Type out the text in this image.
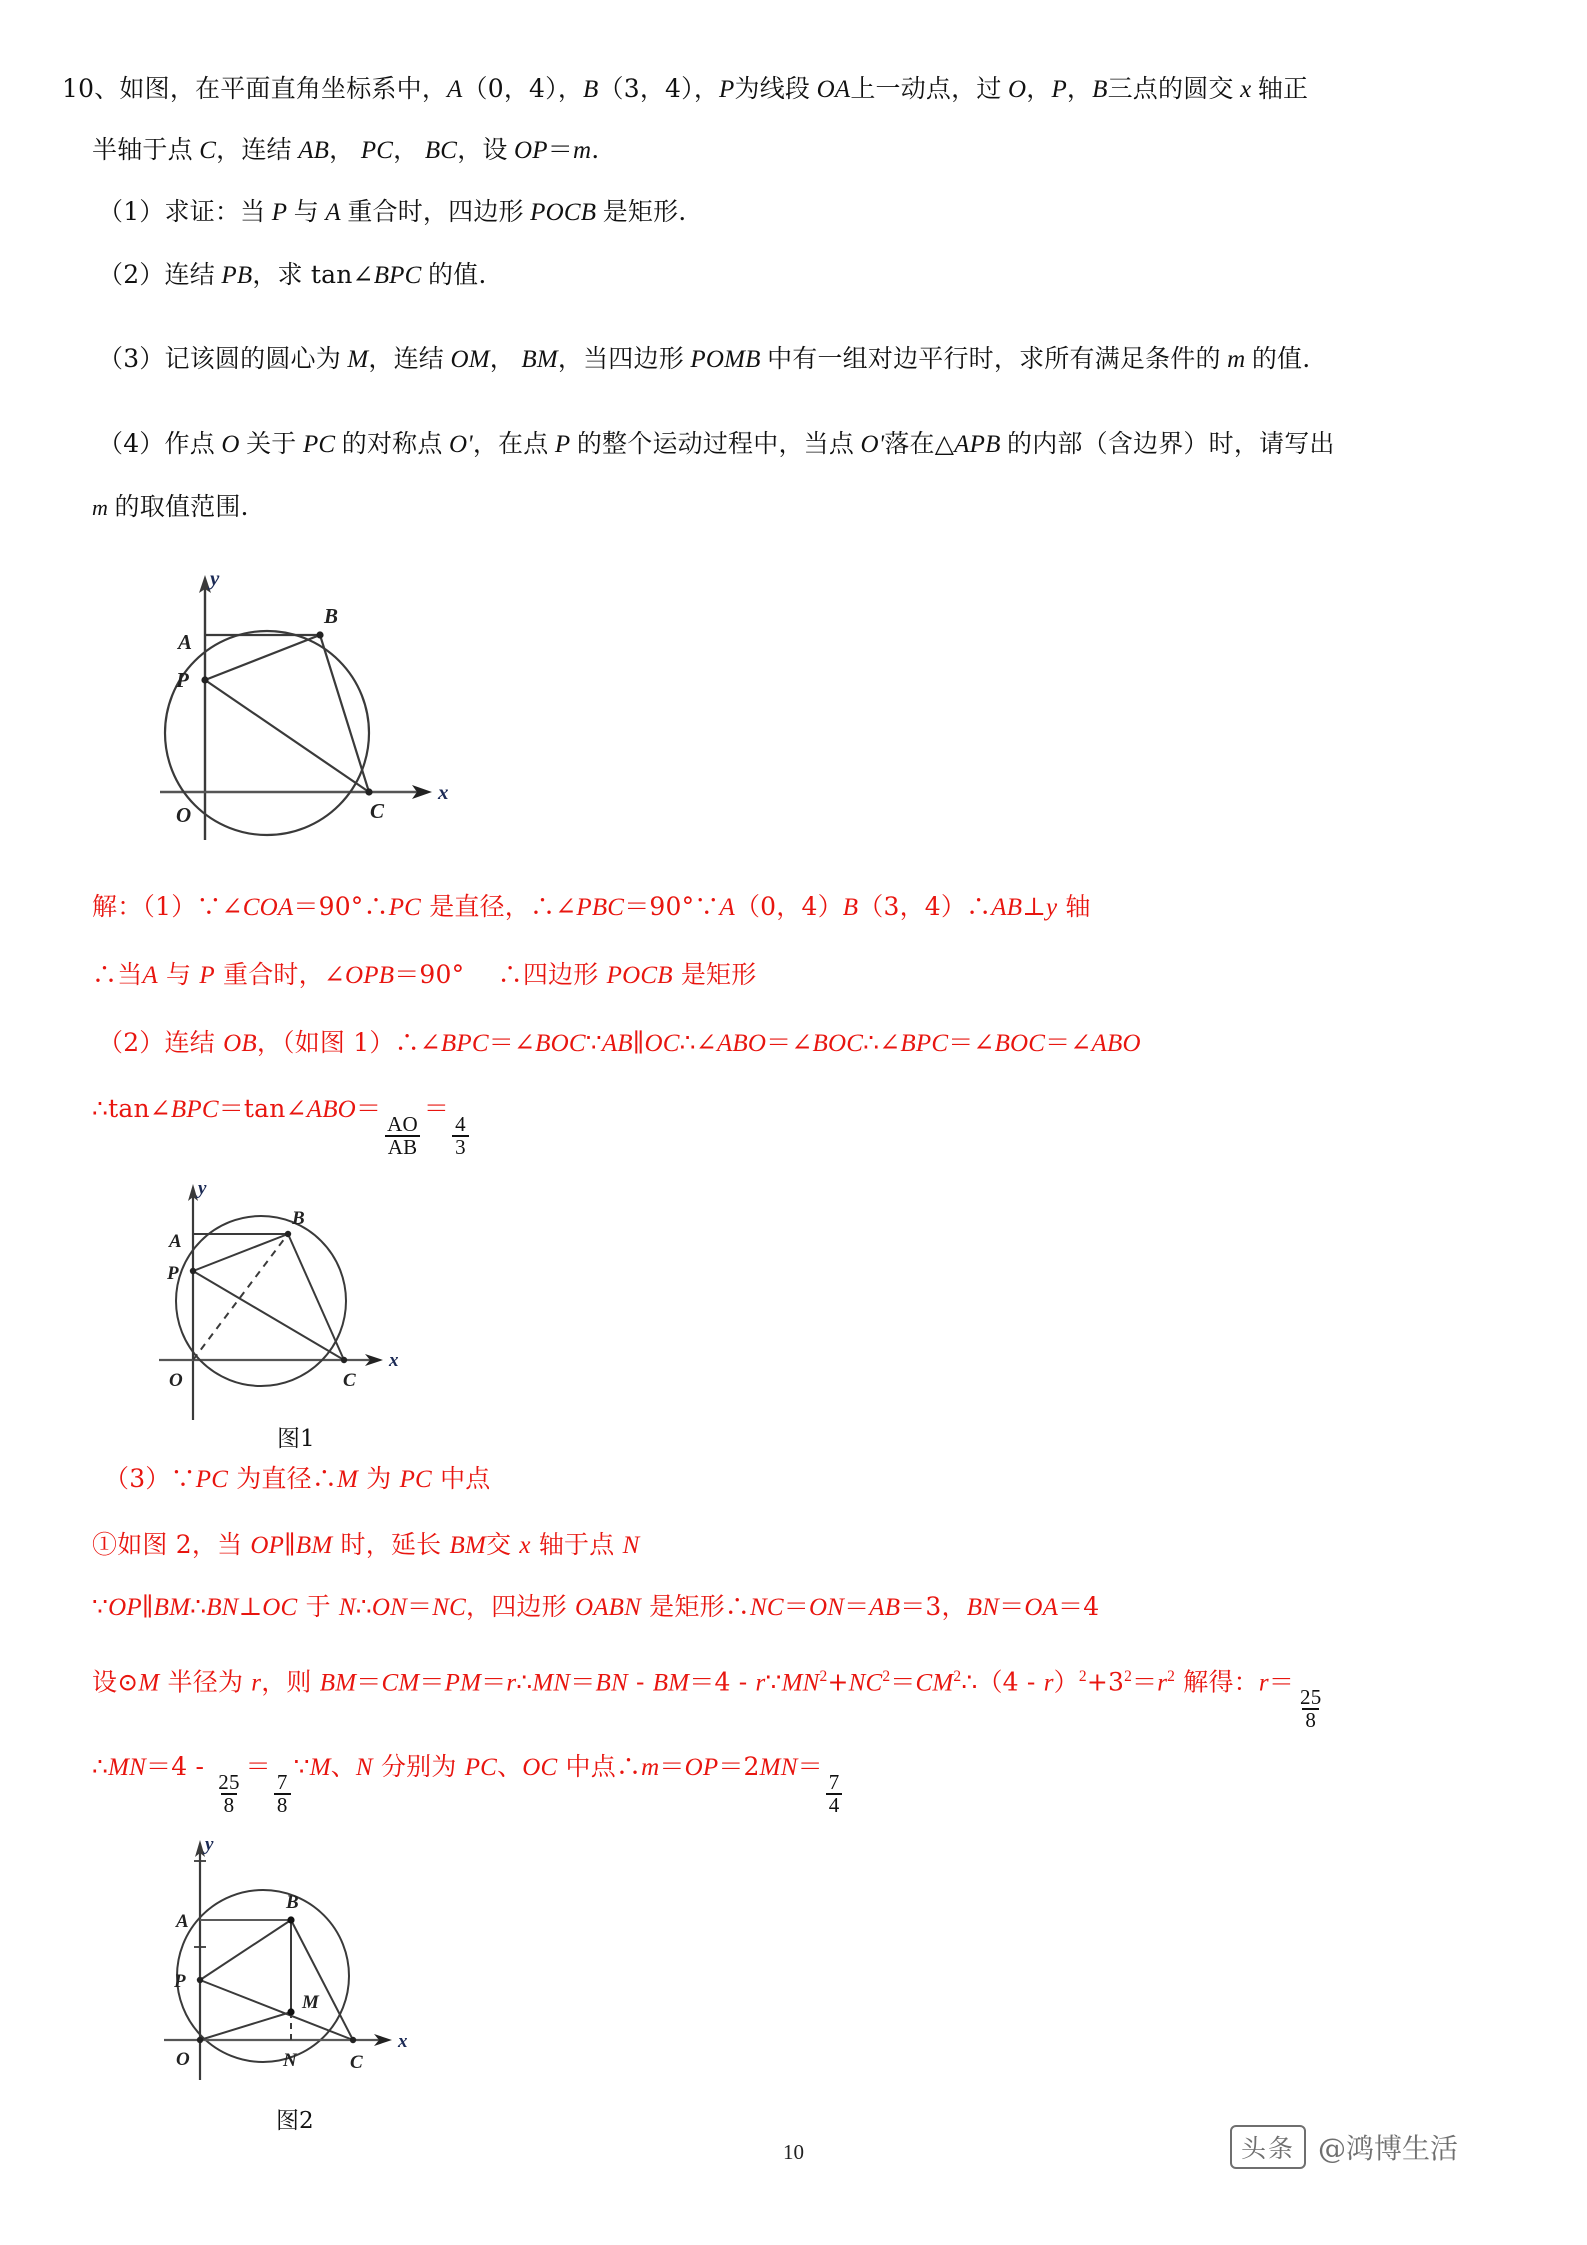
10、如图，在平面直角坐标系中，A（0，4），B（3，4），P为线段 OA上一动点，过 O，P，B三点的圆交 x 轴正
半轴于点 C，连结 AB， PC， BC，设 OP＝m.
（1）求证：当 P 与 A 重合时，四边形 POCB 是矩形.
（2）连结 PB，求 tan∠BPC 的值.
（3）记该圆的圆心为 M，连结 OM， BM，当四边形 POMB 中有一组对边平行时，求所有满足条件的 m 的值.
（4）作点 O 关于 PC 的对称点 O'，在点 P 的整个运动过程中，当点 O'落在△APB 的内部（含边界）时，请写出
m 的取值范围.
A
P
B
O	C
x
y
解：（1）∵∠COA＝90°∴PC 是直径，∴∠PBC＝90°∵A（0，4）B（3，4）∴AB⊥y 轴
∴当A 与 P 重合时，∠OPB＝90°　 ∴四边形 POCB 是矩形
（2）连结 OB，（如图 1）∴∠BPC＝∠BOC∵AB∥OC∴∠ABO＝∠BOC∴∠BPC＝∠BOC＝∠ABO
∴tan∠BPC＝tan∠ABO＝
$\frac{AO}{AB}$
＝
$\frac{4}{3}$
A
P
B
O	C
x
y
图1
（3）∵PC 为直径∴M 为 PC 中点
①如图 2，当 OP∥BM 时，延长 BM交 x 轴于点 N
∵OP∥BM∴BN⊥OC 于 N∴ON＝NC，四边形 OABN 是矩形∴NC＝ON＝AB＝3，BN＝OA＝4
设⊙M 半径为 r，则 BM＝CM＝PM＝r∴MN＝BN - $BM=4 - r\because MN^2+NC^2=CM^2\therefore(4 - r)^2+3^2=r^2$ 解得：r＝
$\frac{25}{8}$
∴MN＝4 -
$\frac{25}{8}$
＝
$\frac{7}{8}$
∵M、N 分别为 PC、OC 中点∴m＝OP＝2MN＝
$\frac{7}{4}$
A
P
B
M
O	N	C
x
y
图2
10	头条 @鸿博生活
